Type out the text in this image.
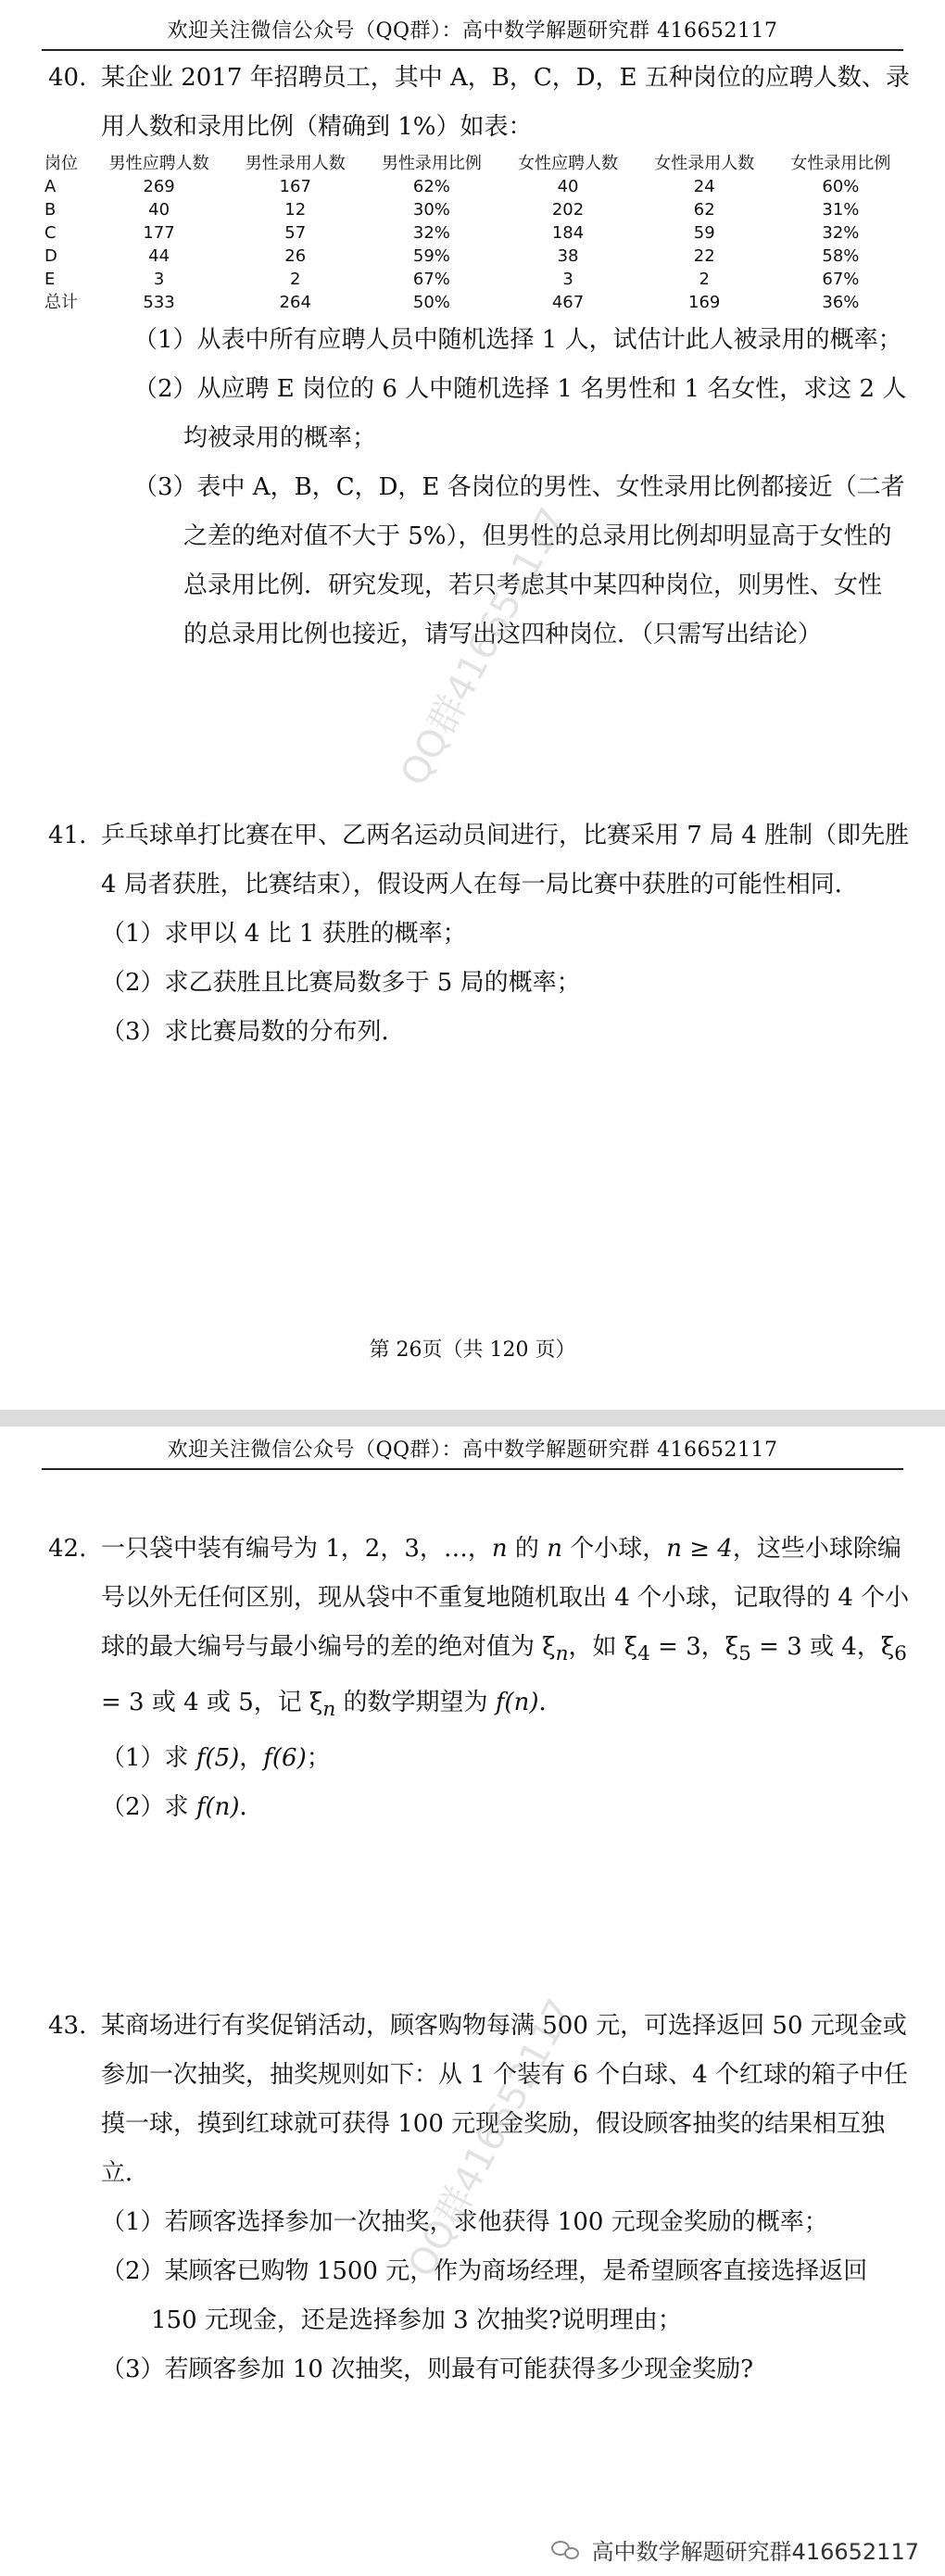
欢迎关注微信公众号（QQ群）：高中数学解题研究群 416652117
40. 某企业 2017 年招聘员工，其中 A，B，C，D，E 五种岗位的应聘人数、录用人数和录用比例（精确到 1%）如表：
岗位	男性应聘人数	男性录用人数	男性录用比例	女性应聘人数	女性录用人数	女性录用比例
A	269	167	62%	40	24	60%
B	40	12	30%	202	62	31%
C	177	57	32%	184	59	32%
D	44	26	59%	38	22	58%
E	3	2	67%	3	2	67%
总计	533	264	50%	467	169	36%
（1）从表中所有应聘人员中随机选择 1 人，试估计此人被录用的概率；
（2）从应聘 E 岗位的 6 人中随机选择 1 名男性和 1 名女性，求这 2 人
均被录用的概率；
（3）表中 A，B，C，D，E 各岗位的男性、女性录用比例都接近（二者
之差的绝对值不大于 5%），但男性的总录用比例却明显高于女性的
总录用比例．研究发现，若只考虑其中某四种岗位，则男性、女性
的总录用比例也接近，请写出这四种岗位．（只需写出结论）
QQ群416652117
41. 乒乓球单打比赛在甲、乙两名运动员间进行，比赛采用 7 局 4 胜制（即先胜 4 局者获胜，比赛结束），假设两人在每一局比赛中获胜的可能性相同．
（1）求甲以 4 比 1 获胜的概率；
（2）求乙获胜且比赛局数多于 5 局的概率；
（3）求比赛局数的分布列．
第 26页（共 120 页）
欢迎关注微信公众号（QQ群）：高中数学解题研究群 416652117
42. 一只袋中装有编号为 1，2，3，…，n 的 n 个小球，n ≥ 4，这些小球除编号以外无任何区别，现从袋中不重复地随机取出 4 个小球，记取得的 4 个小球的最大编号与最小编号的差的绝对值为 $\xi_n$，如 $\xi_4 = 3$，$\xi_5 = 3$ 或 4，$\xi_6 = 3$ 或 4 或 5，记 $\xi_n$ 的数学期望为 f(n)．
（1）求 f(5)，f(6)；
（2）求 f(n)．
43. 某商场进行有奖促销活动，顾客购物每满 500 元，可选择返回 50 元现金或参加一次抽奖，抽奖规则如下：从 1 个装有 6 个白球、4 个红球的箱子中任摸一球，摸到红球就可获得 100 元现金奖励，假设顾客抽奖的结果相互独立．
（1）若顾客选择参加一次抽奖，求他获得 100 元现金奖励的概率；
（2）某顾客已购物 1500 元，作为商场经理，是希望顾客直接选择返回
150 元现金，还是选择参加 3 次抽奖?说明理由；
（3）若顾客参加 10 次抽奖，则最有可能获得多少现金奖励?
QQ群416652117
高中数学解题研究群416652117
